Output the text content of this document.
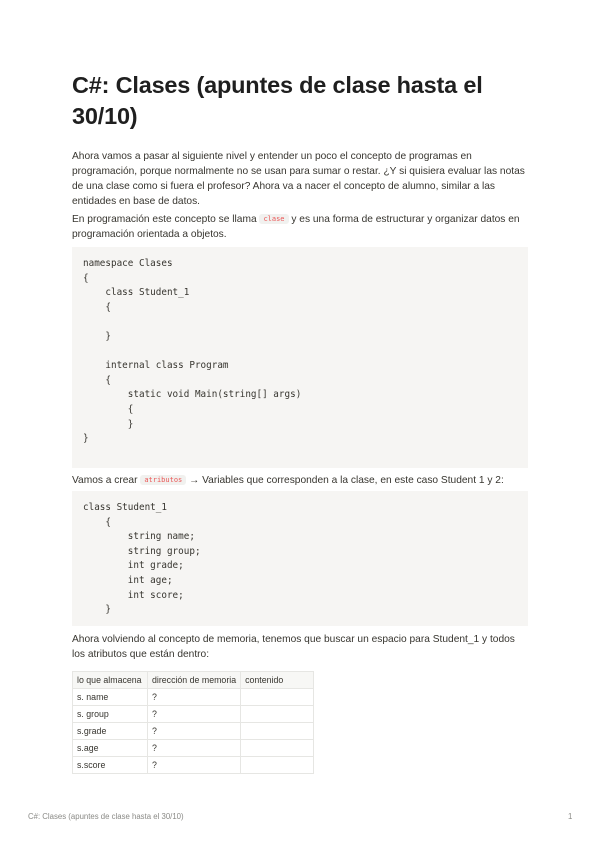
C#: Clases (apuntes de clase hasta el 30/10)

Ahora vamos a pasar al siguiente nivel y entender un poco el concepto de programas en programación, porque normalmente no se usan para sumar o restar. ¿Y si quisiera evaluar las notas de una clase como si fuera el profesor? Ahora va a nacer el concepto de alumno, similar a las entidades en base de datos.

En programación este concepto se llama clase y es una forma de estructurar y organizar datos en programación orientada a objetos.

namespace Clases
{
class Student_1
{
}
internal class Program
{
static void Main(string[] args)
{
}
}

Vamos a crear atributos → Variables que corresponden a la clase, en este caso Student 1 y 2:

class Student_1
{
string name;
string group;
int grade;
int age;
int score;
}

Ahora volviendo al concepto de memoria, tenemos que buscar un espacio para Student_1 y todos los atributos que están dentro:

lo que almacena	dirección de memoria	contenido
s. name	?	
s. group	?	
s.grade	?	
s.age	?	
s.score	?	
C#: Clases (apuntes de clase hasta el 30/10)	1
